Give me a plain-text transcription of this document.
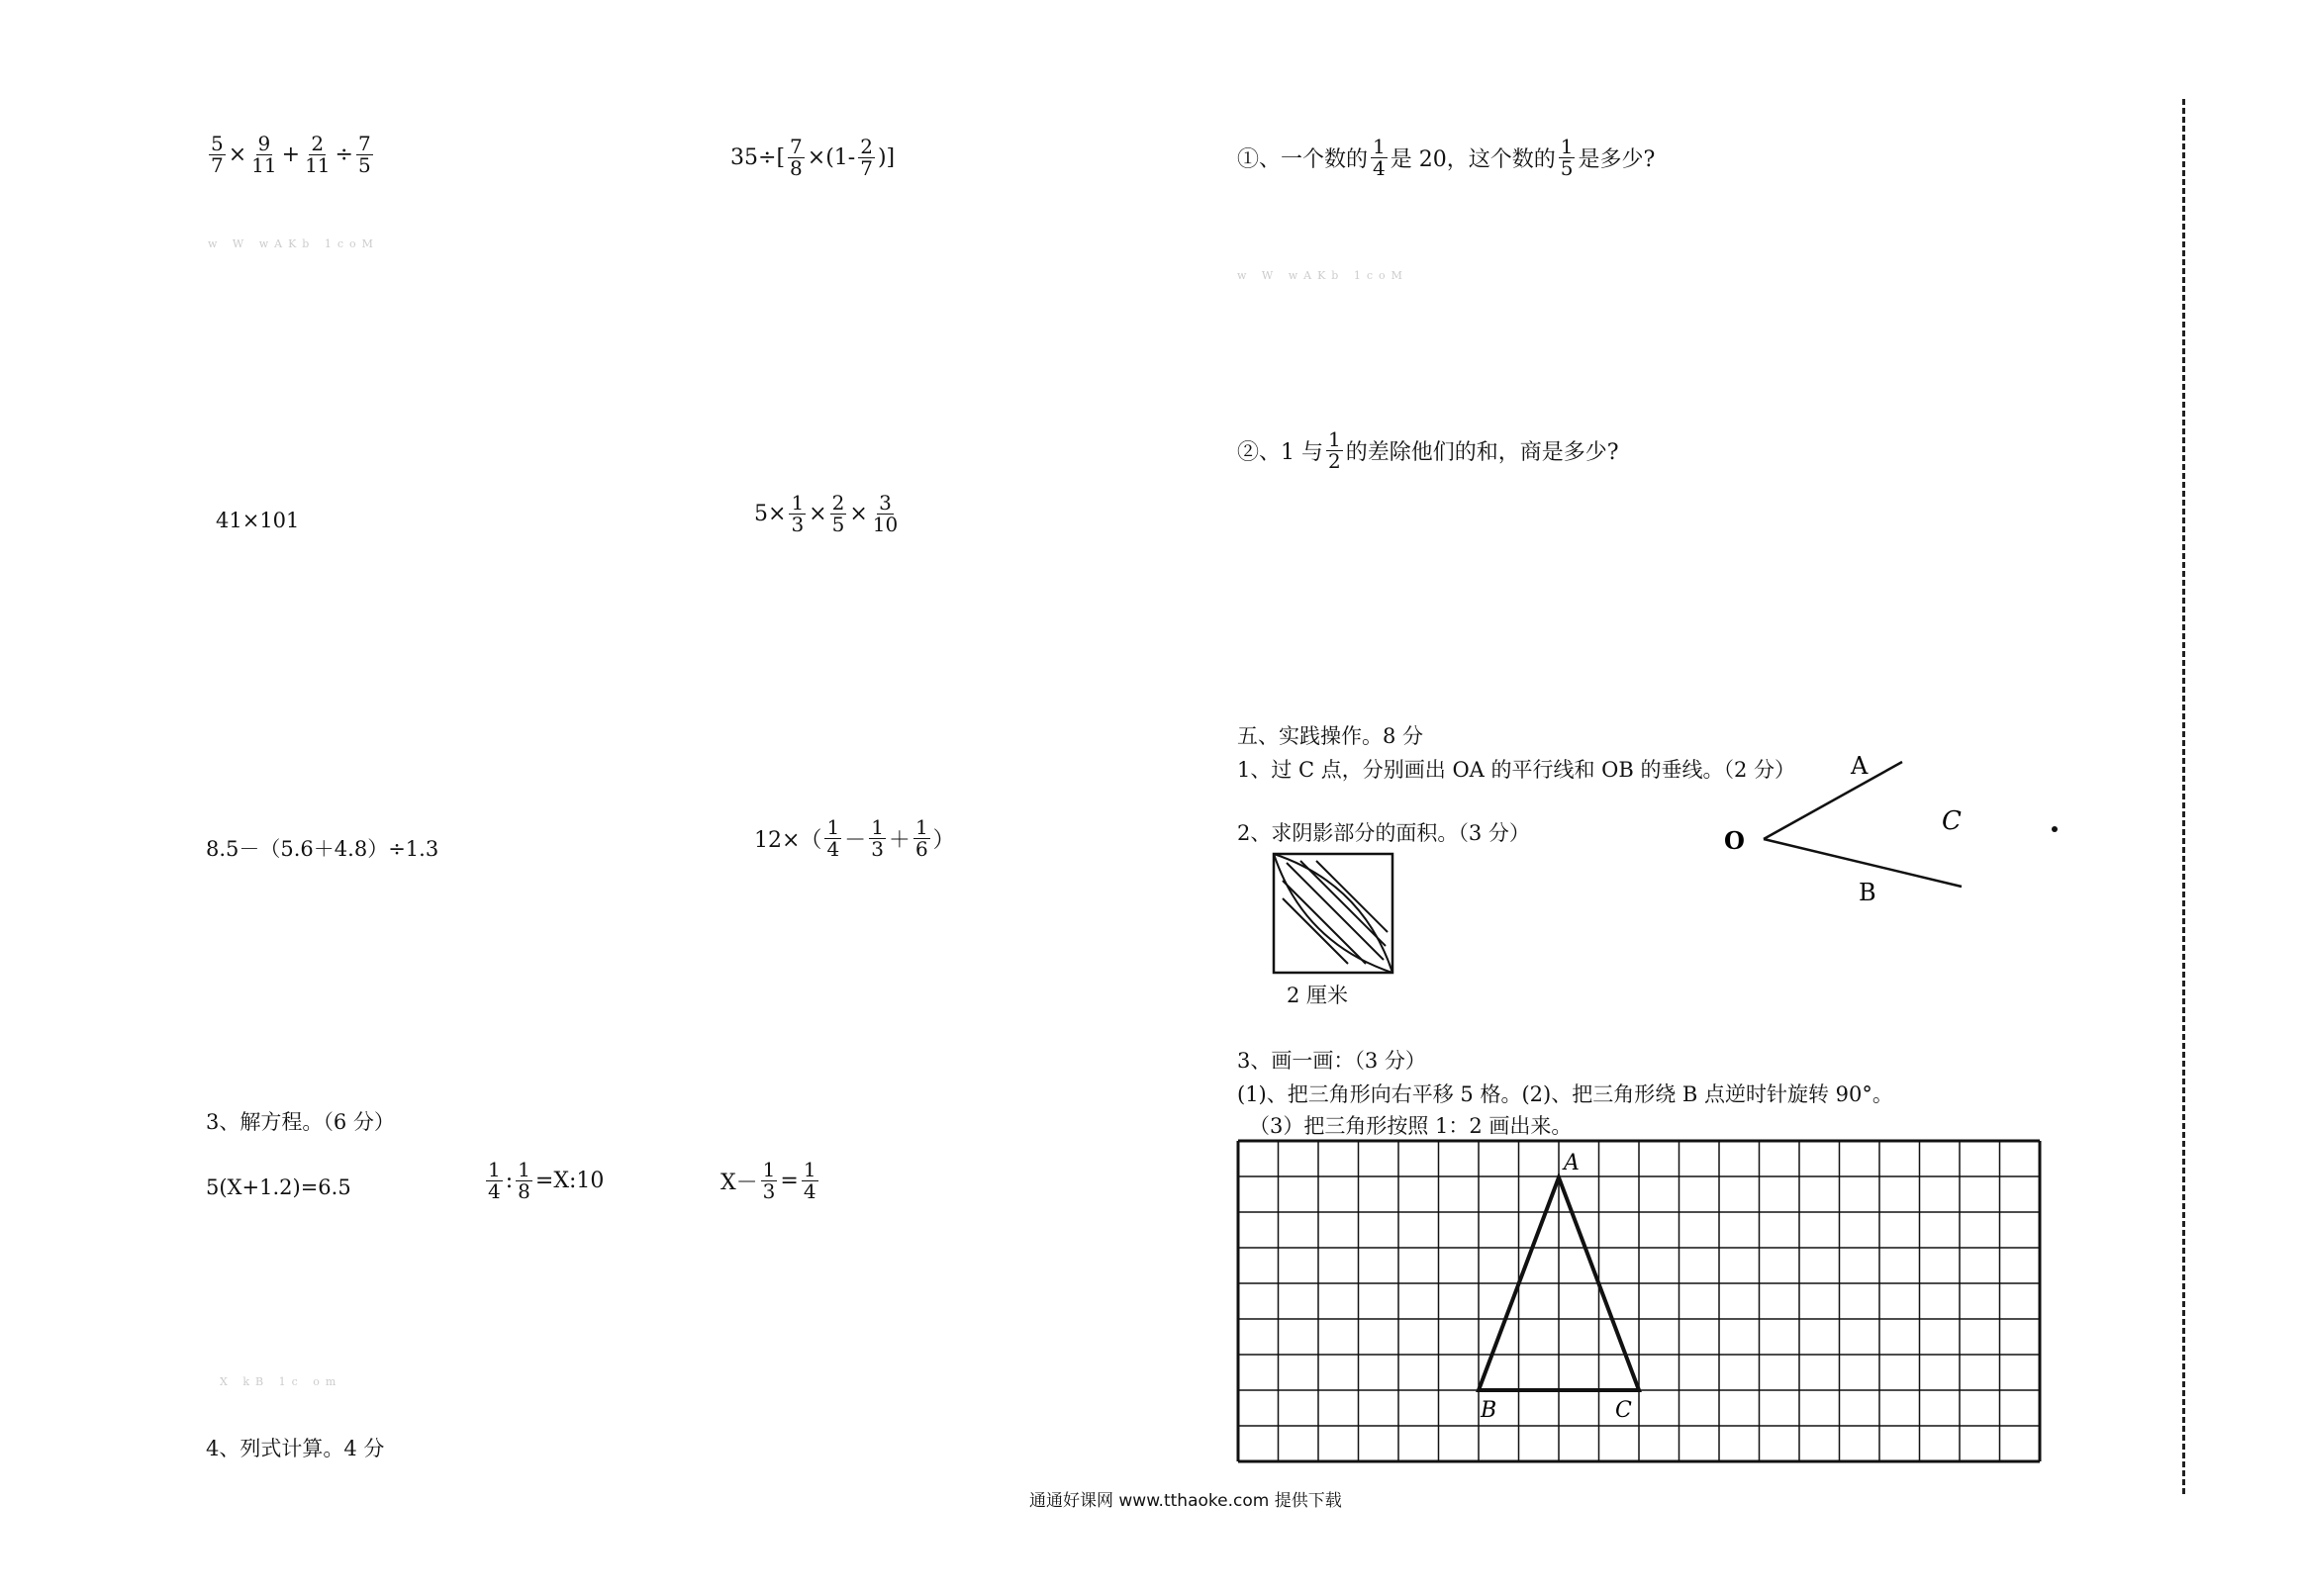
$\frac{5}{7} \times \frac{9}{11} + \frac{2}{11} \div \frac{7}{5}$
w W wAKb 1coM
$35\div[ \frac{7}{8} \times(1- \frac{2}{7}$ )]
41×101	$5\times \frac{1}{3} \times \frac{2}{5} \times \frac{3}{10}$
8.5－（5.6＋4.8）÷1.3	$12\times( \frac{1}{4} - \frac{1}{3} + \frac{1}{6}$ ）
3、解方程。（6 分）
5(X+1.2)=6.5	$\frac{1}{4}$ : $\frac{1}{8}$ =X:10	$X- \frac{1}{3} = \frac{1}{4}$
X kB 1c om
4、列式计算。4 分
①、一个数的 $\frac{1}{4}$ 是 20，这个数的 $\frac{1}{5}$ 是多少?
w W wAKb 1coM
②、1 与 $\frac{1}{2}$ 的差除他们的和，商是多少?
五、实践操作。8 分
1、过 C 点，分别画出 OA 的平行线和 OB 的垂线。（2 分）
2、求阴影部分的面积。（3 分）
2 厘米
A
B
C
O
3、画一画：（3 分）
(1)、把三角形向右平移 5 格。(2)、把三角形绕 B 点逆时针旋转 90°。
（3）把三角形按照 1：2 画出来。
A
B	C
通通好课网 www.tthaoke.com 提供下载
